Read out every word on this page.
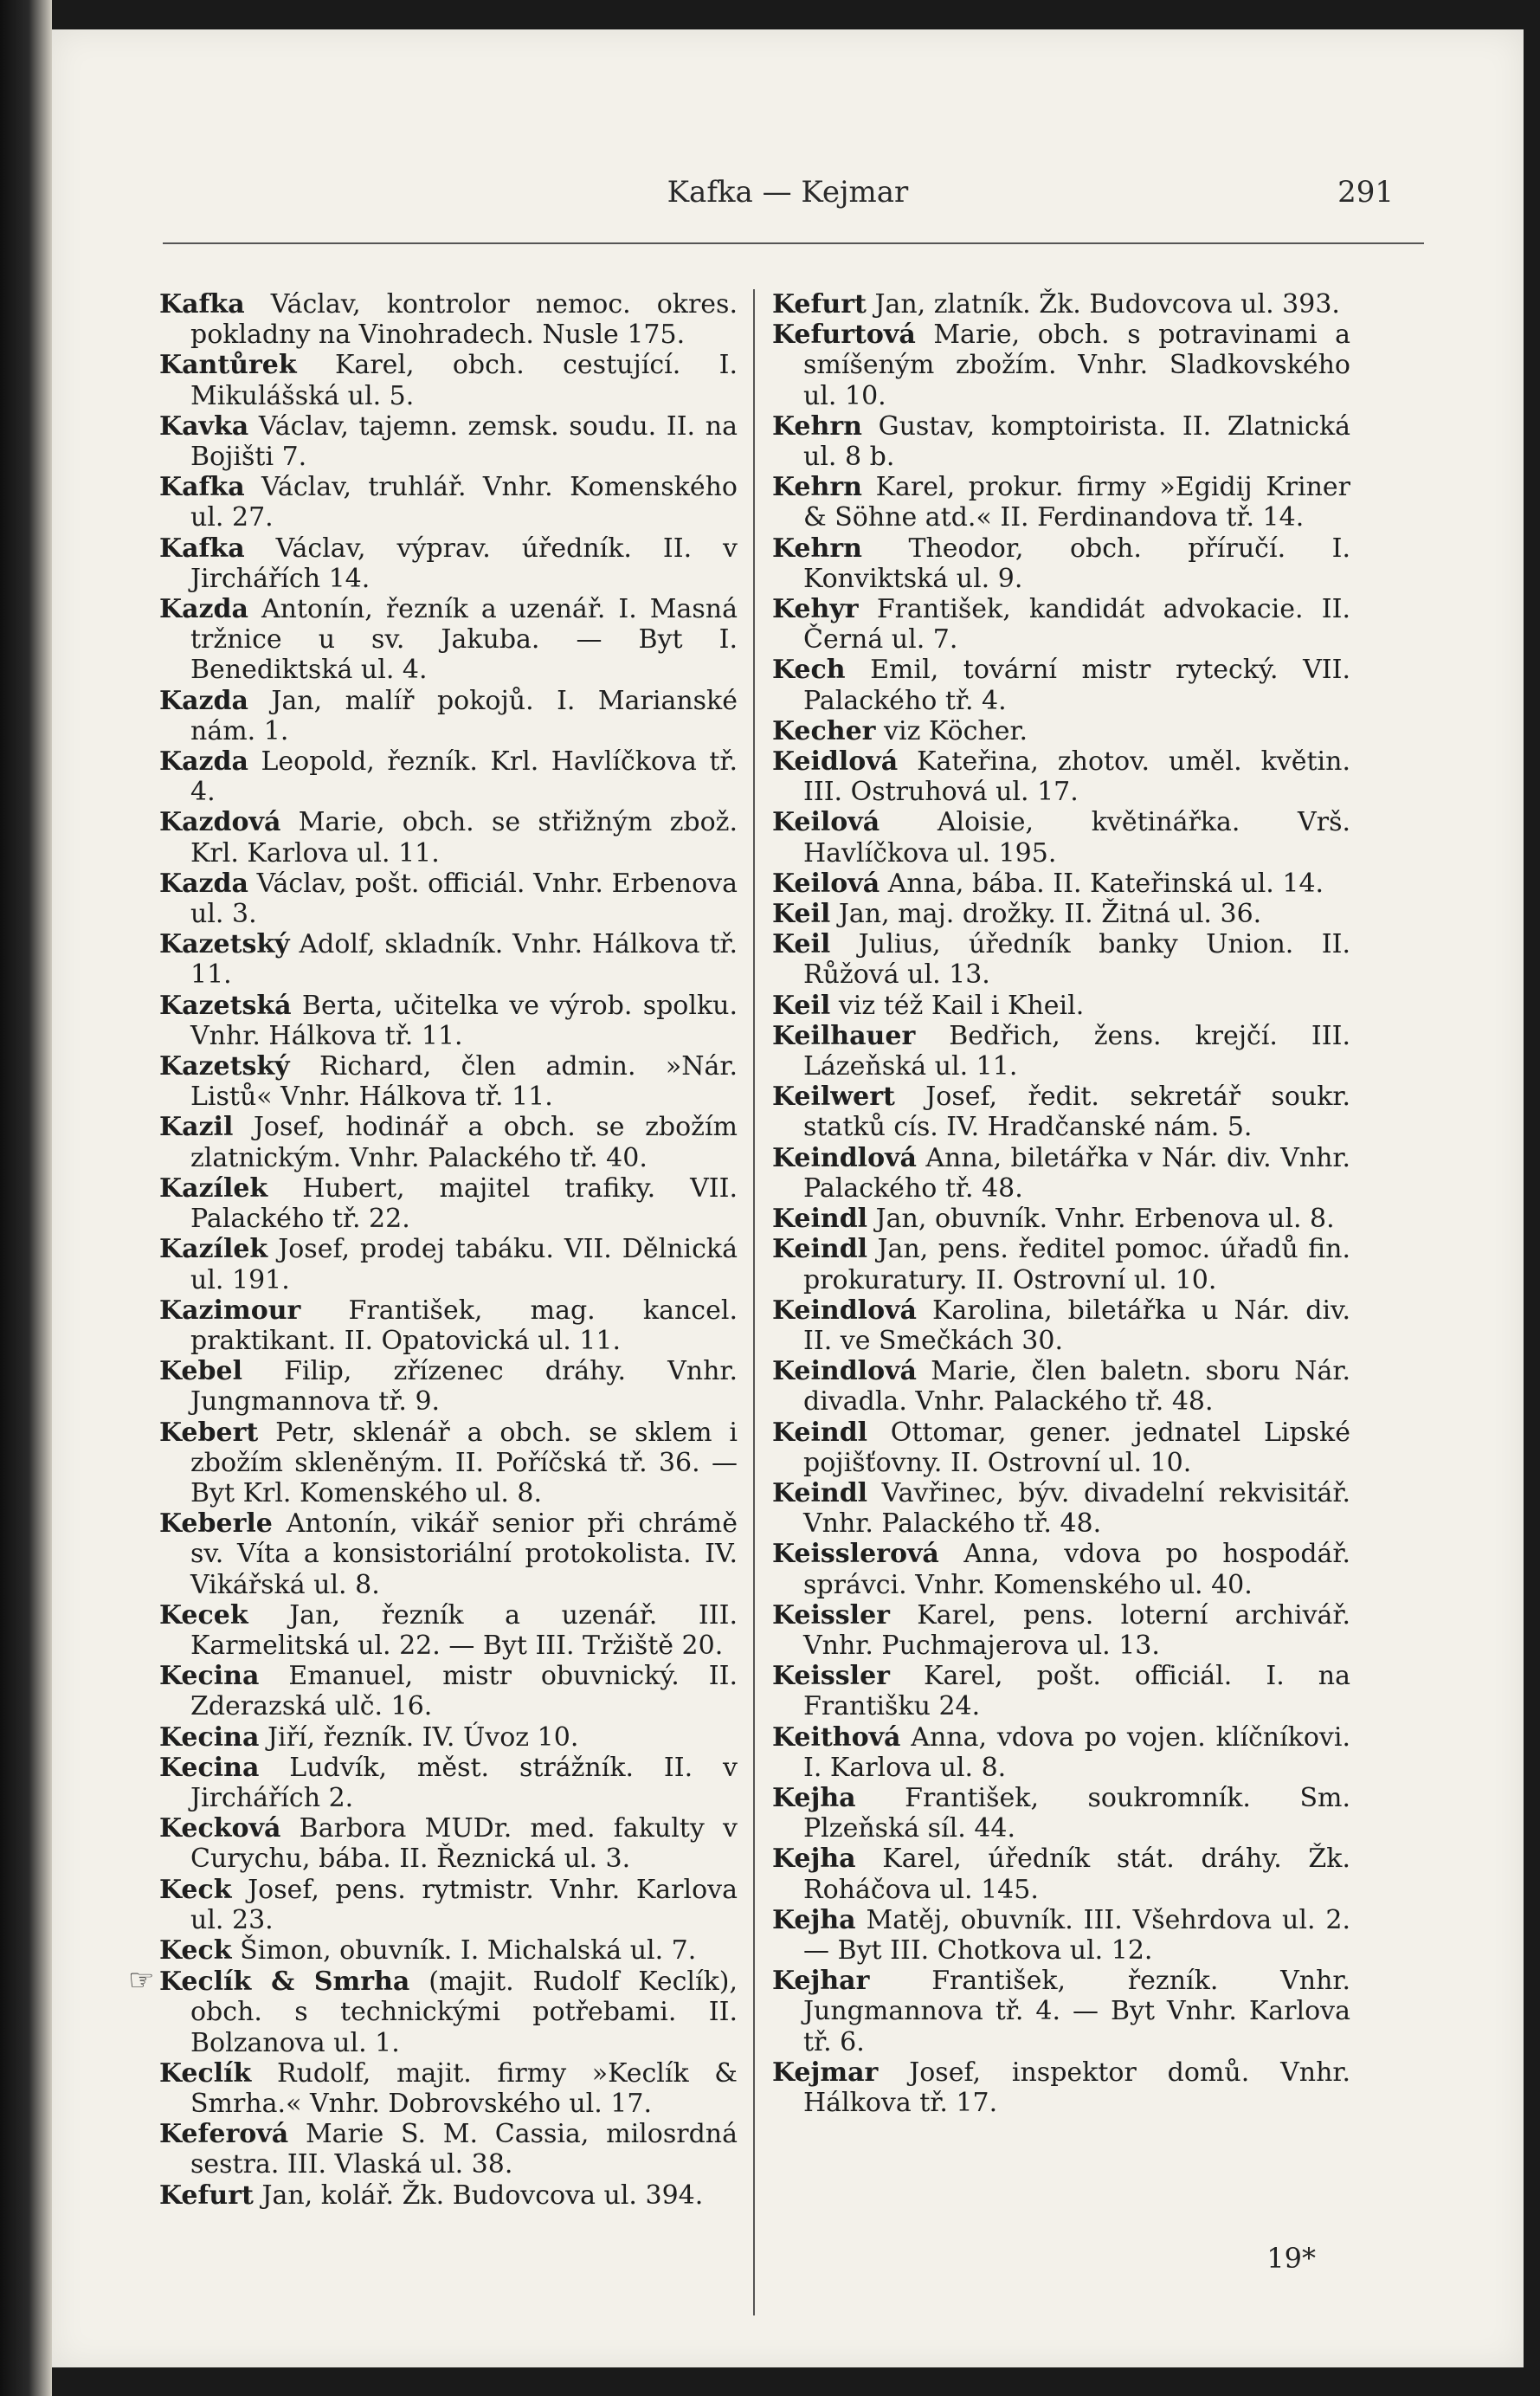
Kafka — Kejmar	291
Kafka Václav, kontrolor nemoc. okres. pokladny na Vinohradech. Nusle 175.
Kantůrek Karel, obch. cestující. I. Mikulášská ul. 5.
Kavka Václav, tajemn. zemsk. soudu. II. na Bojišti 7.
Kafka Václav, truhlář. Vnhr. Komenského ul. 27.
Kafka Václav, výprav. úředník. II. v Jirchářích 14.
Kazda Antonín, řezník a uzenář. I. Masná tržnice u sv. Jakuba. — Byt I. Benediktská ul. 4.
Kazda Jan, malíř pokojů. I. Marianské nám. 1.
Kazda Leopold, řezník. Krl. Havlíčkova tř. 4.
Kazdová Marie, obch. se střižným zbož. Krl. Karlova ul. 11.
Kazda Václav, pošt. officiál. Vnhr. Erbenova ul. 3.
Kazetský Adolf, skladník. Vnhr. Hálkova tř. 11.
Kazetská Berta, učitelka ve výrob. spolku. Vnhr. Hálkova tř. 11.
Kazetský Richard, člen admin. »Nár. Listů« Vnhr. Hálkova tř. 11.
Kazil Josef, hodinář a obch. se zbožím zlatnickým. Vnhr. Palackého tř. 40.
Kazílek Hubert, majitel trafiky. VII. Palackého tř. 22.
Kazílek Josef, prodej tabáku. VII. Dělnická ul. 191.
Kazimour František, mag. kancel. praktikant. II. Opatovická ul. 11.
Kebel Filip, zřízenec dráhy. Vnhr. Jungmannova tř. 9.
Kebert Petr, sklenář a obch. se sklem i zbožím skleněným. II. Poříčská tř. 36. — Byt Krl. Komenského ul. 8.
Keberle Antonín, vikář senior při chrámě sv. Víta a konsistoriální protokolista. IV. Vikářská ul. 8.
Kecek Jan, řezník a uzenář. III. Karmelitská ul. 22. — Byt III. Tržiště 20.
Kecina Emanuel, mistr obuvnický. II. Zderazská ulč. 16.
Kecina Jiří, řezník. IV. Úvoz 10.
Kecina Ludvík, měst. strážník. II. v Jirchářích 2.
Kecková Barbora MUDr. med. fakulty v Curychu, bába. II. Řeznická ul. 3.
Keck Josef, pens. rytmistr. Vnhr. Karlova ul. 23.
Keck Šimon, obuvník. I. Michalská ul. 7.
☞ Keclík & Smrha (majit. Rudolf Keclík), obch. s technickými potřebami. II. Bolzanova ul. 1.
Keclík Rudolf, majit. firmy »Keclík & Smrha.« Vnhr. Dobrovského ul. 17.
Keferová Marie S. M. Cassia, milosrdná sestra. III. Vlaská ul. 38.
Kefurt Jan, kolář. Žk. Budovcova ul. 394.
Kefurt Jan, zlatník. Žk. Budovcova ul. 393.
Kefurtová Marie, obch. s potravinami a smíšeným zbožím. Vnhr. Sladkovského ul. 10.
Kehrn Gustav, komptoirista. II. Zlatnická ul. 8 b.
Kehrn Karel, prokur. firmy »Egidij Kriner & Söhne atd.« II. Ferdinandova tř. 14.
Kehrn Theodor, obch. příručí. I. Konviktská ul. 9.
Kehyr František, kandidát advokacie. II. Černá ul. 7.
Kech Emil, tovární mistr rytecký. VII. Palackého tř. 4.
Kecher viz Köcher.
Keidlová Kateřina, zhotov. uměl. květin. III. Ostruhová ul. 17.
Keilová Aloisie, květinářka. Vrš. Havlíčkova ul. 195.
Keilová Anna, bába. II. Kateřinská ul. 14.
Keil Jan, maj. drožky. II. Žitná ul. 36.
Keil Julius, úředník banky Union. II. Růžová ul. 13.
Keil viz též Kail i Kheil.
Keilhauer Bedřich, žens. krejčí. III. Lázeňská ul. 11.
Keilwert Josef, ředit. sekretář soukr. statků cís. IV. Hradčanské nám. 5.
Keindlová Anna, biletářka v Nár. div. Vnhr. Palackého tř. 48.
Keindl Jan, obuvník. Vnhr. Erbenova ul. 8.
Keindl Jan, pens. ředitel pomoc. úřadů fin. prokuratury. II. Ostrovní ul. 10.
Keindlová Karolina, biletářka u Nár. div. II. ve Smečkách 30.
Keindlová Marie, člen baletn. sboru Nár. divadla. Vnhr. Palackého tř. 48.
Keindl Ottomar, gener. jednatel Lipské pojišťovny. II. Ostrovní ul. 10.
Keindl Vavřinec, býv. divadelní rekvisitář. Vnhr. Palackého tř. 48.
Keisslerová Anna, vdova po hospodář. správci. Vnhr. Komenského ul. 40.
Keissler Karel, pens. loterní archivář. Vnhr. Puchmajerova ul. 13.
Keissler Karel, pošt. officiál. I. na Františku 24.
Keithová Anna, vdova po vojen. klíčníkovi. I. Karlova ul. 8.
Kejha František, soukromník. Sm. Plzeňská síl. 44.
Kejha Karel, úředník stát. dráhy. Žk. Roháčova ul. 145.
Kejha Matěj, obuvník. III. Všehrdova ul. 2. — Byt III. Chotkova ul. 12.
Kejhar František, řezník. Vnhr. Jungmannova tř. 4. — Byt Vnhr. Karlova tř. 6.
Kejmar Josef, inspektor domů. Vnhr. Hálkova tř. 17.
19*
